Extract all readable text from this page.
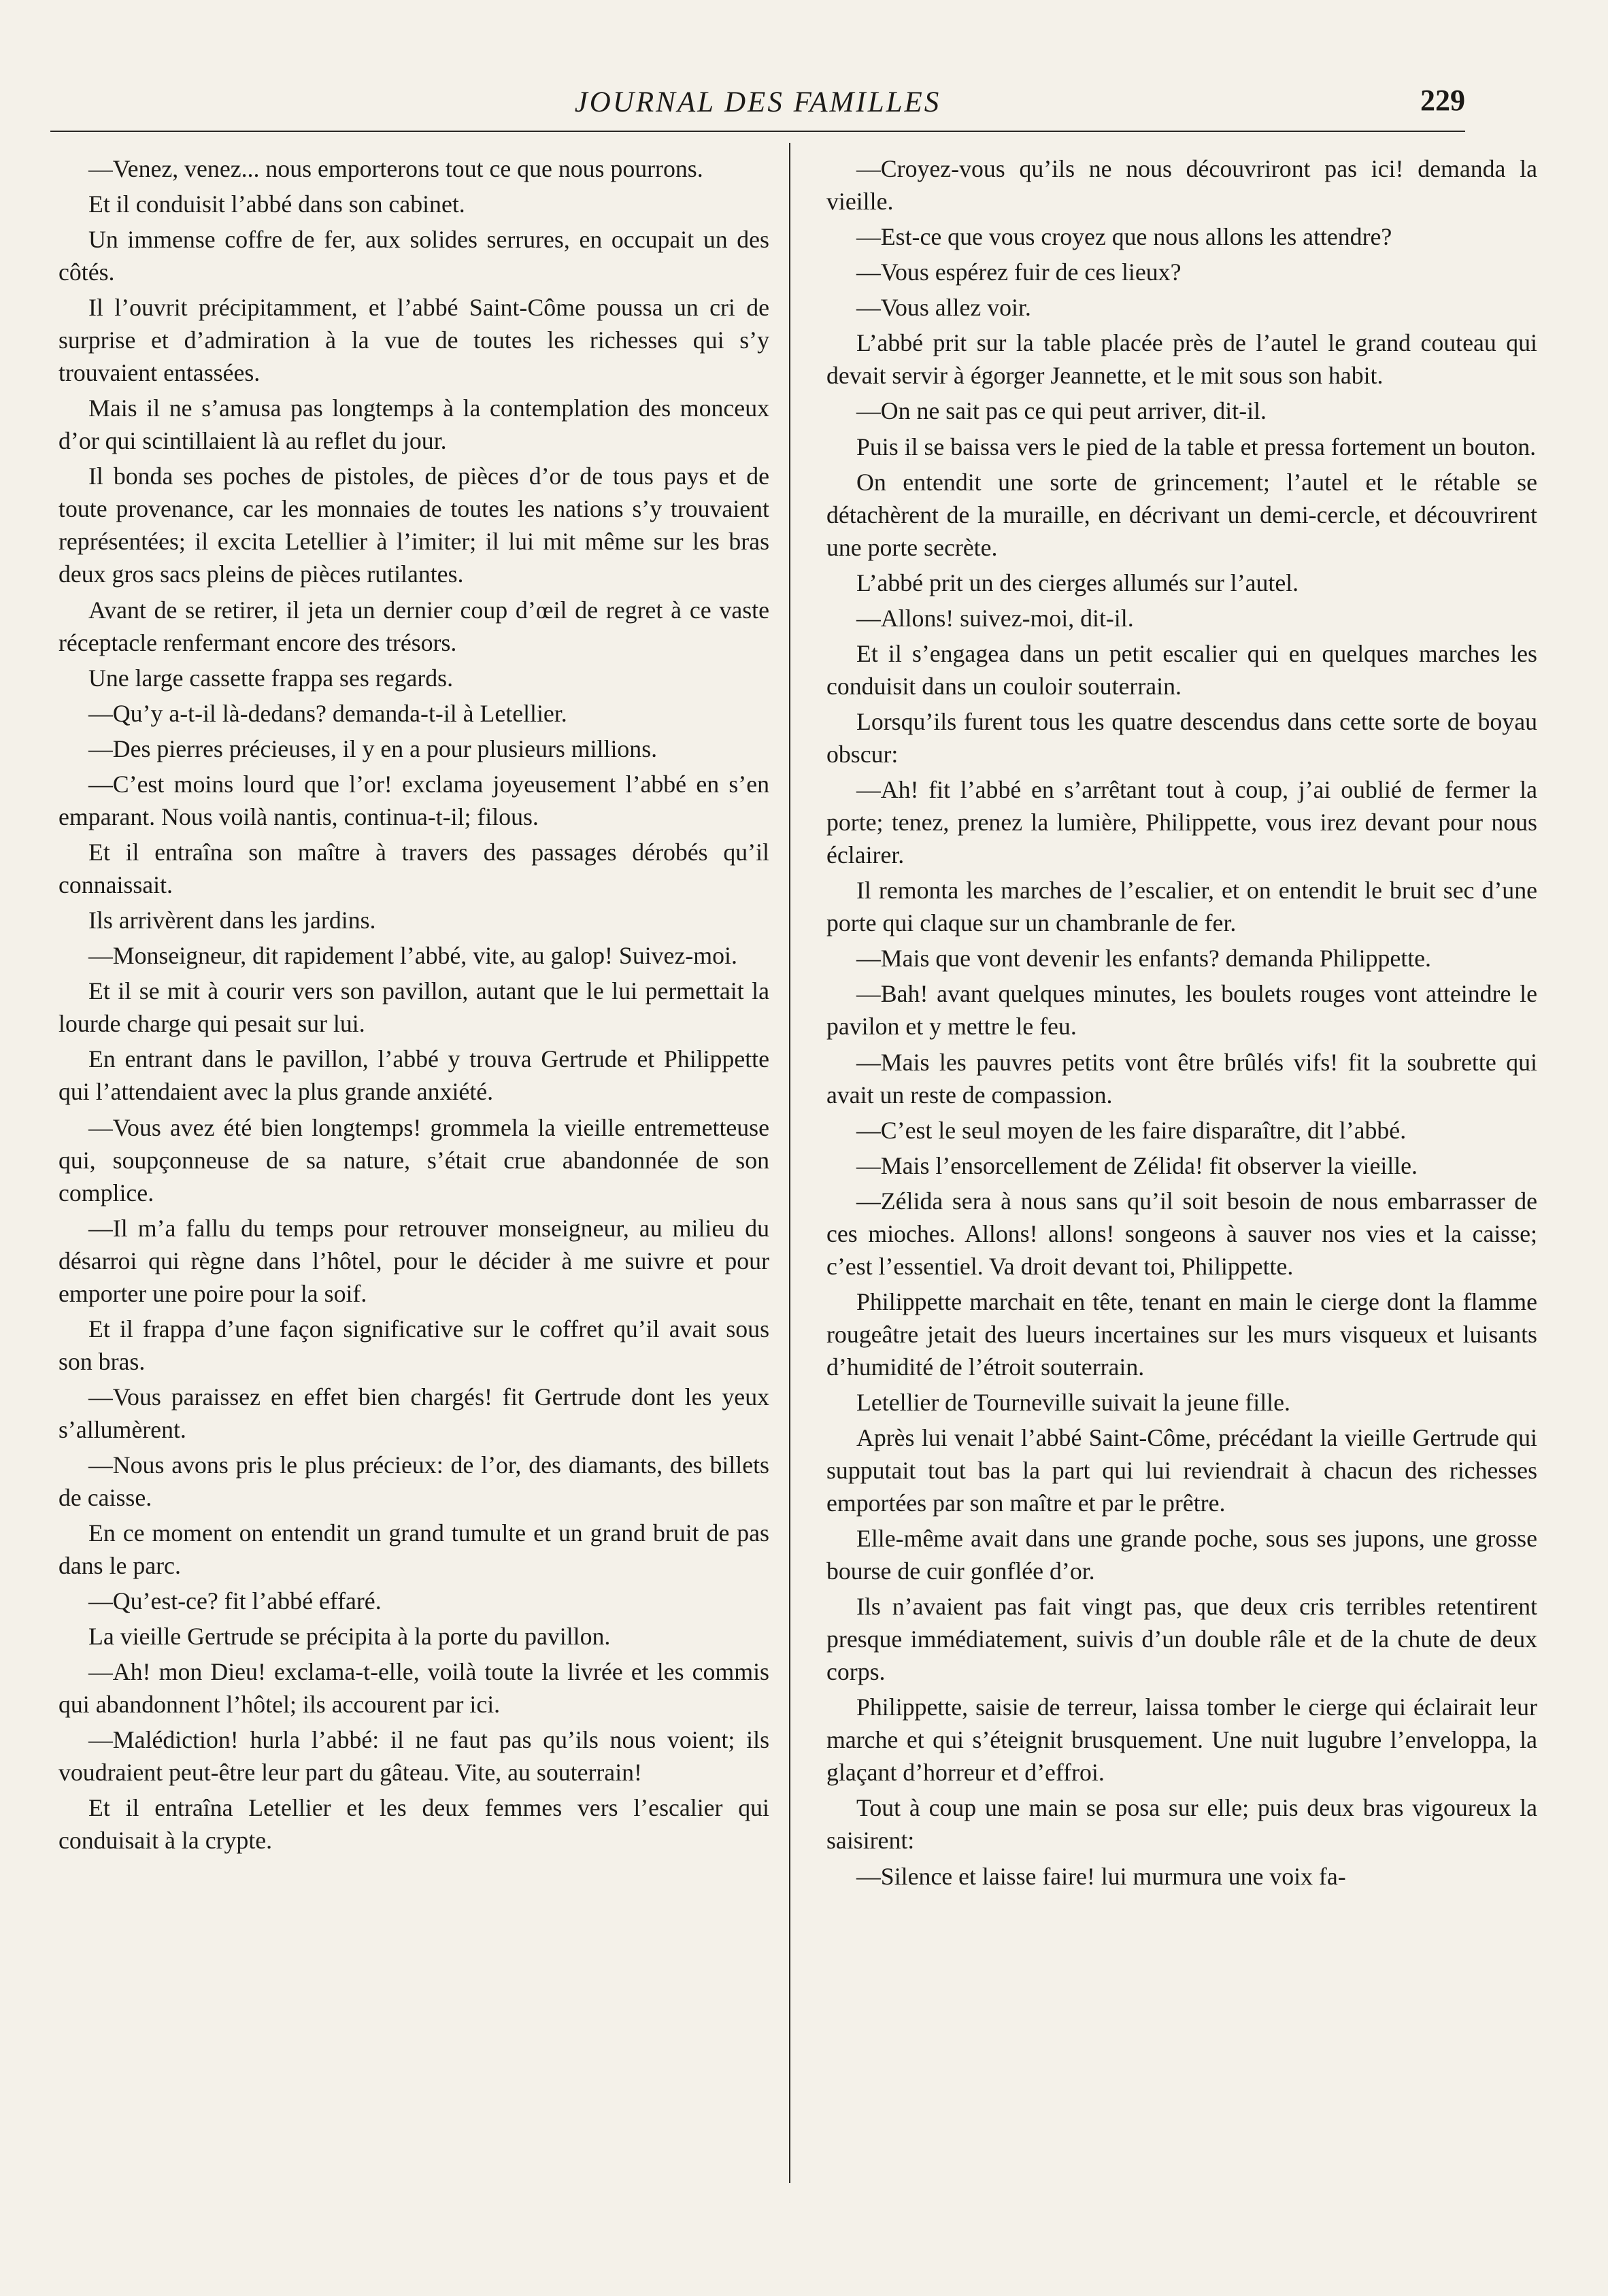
JOURNAL DES FAMILLES	229

—Venez, venez... nous emporterons tout ce que nous pourrons.

Et il conduisit l’abbé dans son cabinet.

Un immense coffre de fer, aux solides serrures, en occupait un des côtés.

Il l’ouvrit précipitamment, et l’abbé Saint-Côme poussa un cri de surprise et d’admiration à la vue de toutes les richesses qui s’y trouvaient entassées.

Mais il ne s’amusa pas longtemps à la contemplation des monceux d’or qui scintillaient là au reflet du jour.

Il bonda ses poches de pistoles, de pièces d’or de tous pays et de toute provenance, car les monnaies de toutes les nations s’y trouvaient représentées; il excita Letellier à l’imiter; il lui mit même sur les bras deux gros sacs pleins de pièces rutilantes.

Avant de se retirer, il jeta un dernier coup d’œil de regret à ce vaste réceptacle renfermant encore des trésors.

Une large cassette frappa ses regards.

—Qu’y a-t-il là-dedans? demanda-t-il à Letellier.

—Des pierres précieuses, il y en a pour plusieurs millions.

—C’est moins lourd que l’or! exclama joyeusement l’abbé en s’en emparant. Nous voilà nantis, continua-t-il; filous.

Et il entraîna son maître à travers des passages dérobés qu’il connaissait.

Ils arrivèrent dans les jardins.

—Monseigneur, dit rapidement l’abbé, vite, au galop! Suivez-moi.

Et il se mit à courir vers son pavillon, autant que le lui permettait la lourde charge qui pesait sur lui.

En entrant dans le pavillon, l’abbé y trouva Gertrude et Philippette qui l’attendaient avec la plus grande anxiété.

—Vous avez été bien longtemps! grommela la vieille entremetteuse qui, soupçonneuse de sa nature, s’était crue abandonnée de son complice.

—Il m’a fallu du temps pour retrouver monseigneur, au milieu du désarroi qui règne dans l’hôtel, pour le décider à me suivre et pour emporter une poire pour la soif.

Et il frappa d’une façon significative sur le coffret qu’il avait sous son bras.

—Vous paraissez en effet bien chargés! fit Gertrude dont les yeux s’allumèrent.

—Nous avons pris le plus précieux: de l’or, des diamants, des billets de caisse.

En ce moment on entendit un grand tumulte et un grand bruit de pas dans le parc.

—Qu’est-ce? fit l’abbé effaré.

La vieille Gertrude se précipita à la porte du pavillon.

—Ah! mon Dieu! exclama-t-elle, voilà toute la livrée et les commis qui abandonnent l’hôtel; ils accourent par ici.

—Malédiction! hurla l’abbé: il ne faut pas qu’ils nous voient; ils voudraient peut-être leur part du gâteau. Vite, au souterrain!

Et il entraîna Letellier et les deux femmes vers l’escalier qui conduisait à la crypte.

—Croyez-vous qu’ils ne nous découvriront pas ici! demanda la vieille.

—Est-ce que vous croyez que nous allons les attendre?

—Vous espérez fuir de ces lieux?

—Vous allez voir.

L’abbé prit sur la table placée près de l’autel le grand couteau qui devait servir à égorger Jeannette, et le mit sous son habit.

—On ne sait pas ce qui peut arriver, dit-il.

Puis il se baissa vers le pied de la table et pressa fortement un bouton.

On entendit une sorte de grincement; l’autel et le rétable se détachèrent de la muraille, en décrivant un demi-cercle, et découvrirent une porte secrète.

L’abbé prit un des cierges allumés sur l’autel.

—Allons! suivez-moi, dit-il.

Et il s’engagea dans un petit escalier qui en quelques marches les conduisit dans un couloir souterrain.

Lorsqu’ils furent tous les quatre descendus dans cette sorte de boyau obscur:

—Ah! fit l’abbé en s’arrêtant tout à coup, j’ai oublié de fermer la porte; tenez, prenez la lumière, Philippette, vous irez devant pour nous éclairer.

Il remonta les marches de l’escalier, et on entendit le bruit sec d’une porte qui claque sur un chambranle de fer.

—Mais que vont devenir les enfants? demanda Philippette.

—Bah! avant quelques minutes, les boulets rouges vont atteindre le pavilon et y mettre le feu.

—Mais les pauvres petits vont être brûlés vifs! fit la soubrette qui avait un reste de compassion.

—C’est le seul moyen de les faire disparaître, dit l’abbé.

—Mais l’ensorcellement de Zélida! fit observer la vieille.

—Zélida sera à nous sans qu’il soit besoin de nous embarrasser de ces mioches. Allons! allons! songeons à sauver nos vies et la caisse; c’est l’essentiel. Va droit devant toi, Philippette.

Philippette marchait en tête, tenant en main le cierge dont la flamme rougeâtre jetait des lueurs incertaines sur les murs visqueux et luisants d’humidité de l’étroit souterrain.

Letellier de Tourneville suivait la jeune fille.

Après lui venait l’abbé Saint-Côme, précédant la vieille Gertrude qui supputait tout bas la part qui lui reviendrait à chacun des richesses emportées par son maître et par le prêtre.

Elle-même avait dans une grande poche, sous ses jupons, une grosse bourse de cuir gonflée d’or.

Ils n’avaient pas fait vingt pas, que deux cris terribles retentirent presque immédiatement, suivis d’un double râle et de la chute de deux corps.

Philippette, saisie de terreur, laissa tomber le cierge qui éclairait leur marche et qui s’éteignit brusquement. Une nuit lugubre l’enveloppa, la glaçant d’horreur et d’effroi.

Tout à coup une main se posa sur elle; puis deux bras vigoureux la saisirent:

—Silence et laisse faire! lui murmura une voix fa-
